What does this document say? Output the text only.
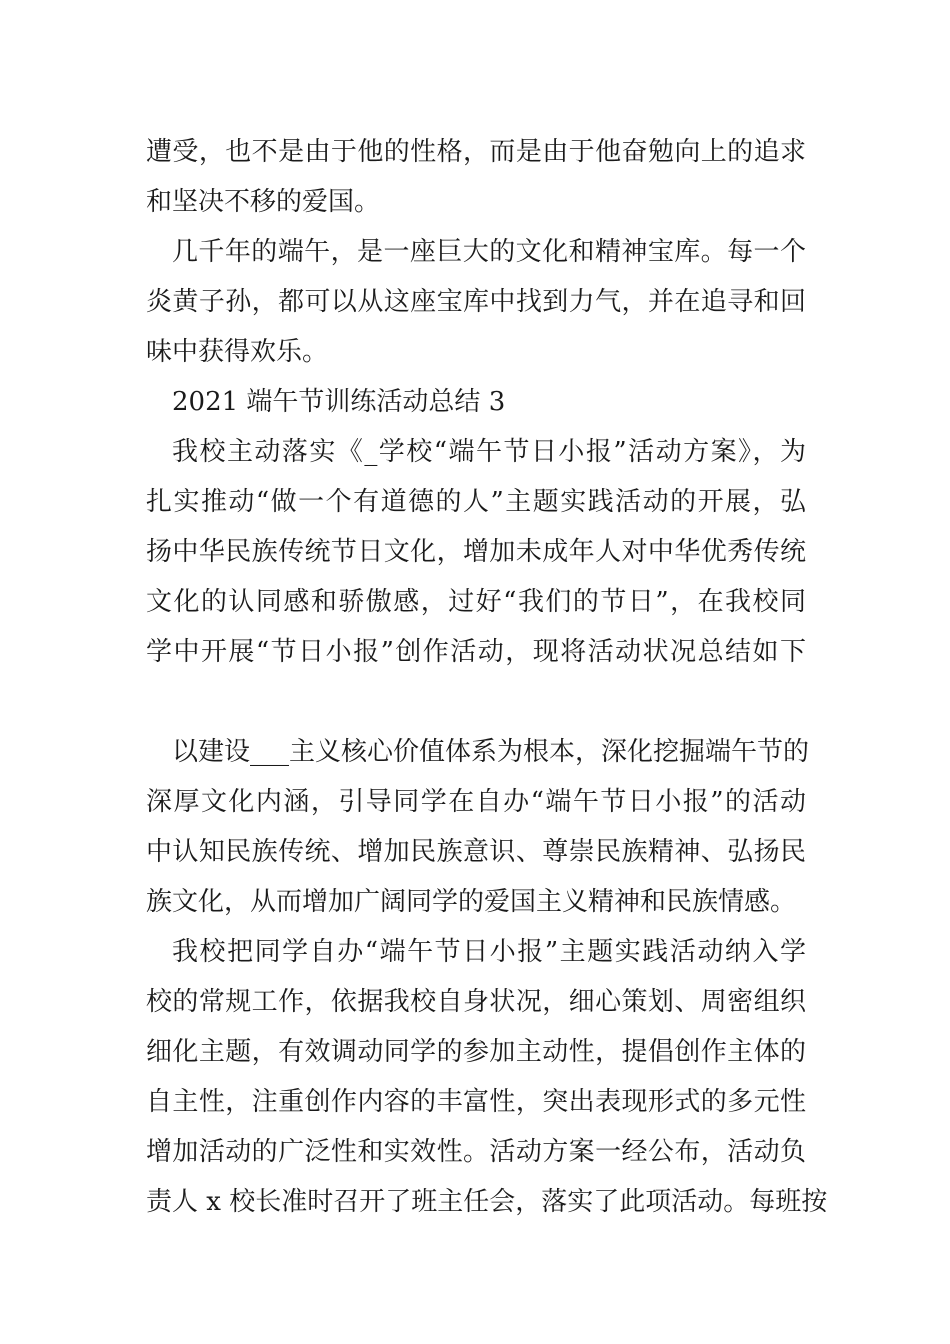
遭受，也不是由于他的性格，而是由于他奋勉向上的追求
和坚决不移的爱国。
几千年的端午，是一座巨大的文化和精神宝库。每一个
炎黄子孙，都可以从这座宝库中找到力气，并在追寻和回
味中获得欢乐。
2021 端午节训练活动总结 3
我校主动落实《_学校“端午节日小报”活动方案》，为
扎实推动“做一个有道德的人”主题实践活动的开展，弘
扬中华民族传统节日文化，增加未成年人对中华优秀传统
文化的认同感和骄傲感，过好“我们的节日”，在我校同
学中开展“节日小报”创作活动，现将活动状况总结如下
以建设___主义核心价值体系为根本，深化挖掘端午节的
深厚文化内涵，引导同学在自办“端午节日小报”的活动
中认知民族传统、增加民族意识、尊崇民族精神、弘扬民
族文化，从而增加广阔同学的爱国主义精神和民族情感。
我校把同学自办“端午节日小报”主题实践活动纳入学
校的常规工作，依据我校自身状况，细心策划、周密组织
细化主题，有效调动同学的参加主动性，提倡创作主体的
自主性，注重创作内容的丰富性，突出表现形式的多元性
增加活动的广泛性和实效性。活动方案一经公布，活动负
责人 x 校长准时召开了班主任会，落实了此项活动。每班按
